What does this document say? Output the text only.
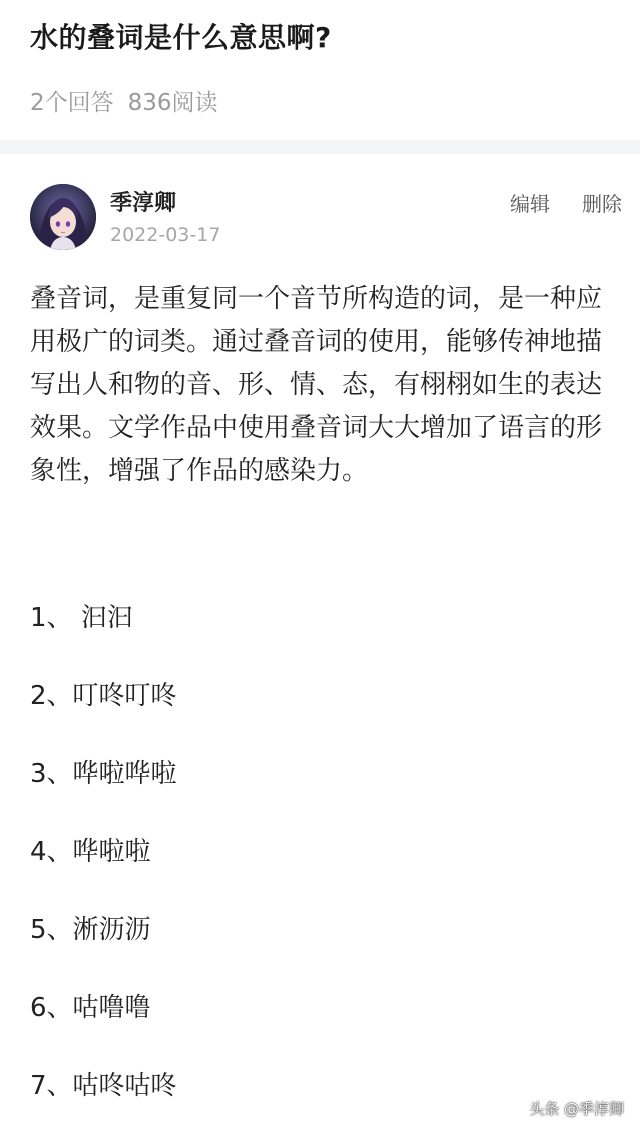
水的叠词是什么意思啊?
2个回答 836阅读
季淳卿
2022-03-17
编辑 删除
叠音词，是重复同一个音节所构造的词，是一种应用极广的词类。通过叠音词的使用，能够传神地描写出人和物的音、形、情、态，有栩栩如生的表达效果。文学作品中使用叠音词大大增加了语言的形象性，增强了作品的感染力。
1、 汩汩
2、叮咚叮咚
3、哗啦哗啦
4、哗啦啦
5、淅沥沥
6、咕噜噜
7、咕咚咕咚
头条 @季淳卿
